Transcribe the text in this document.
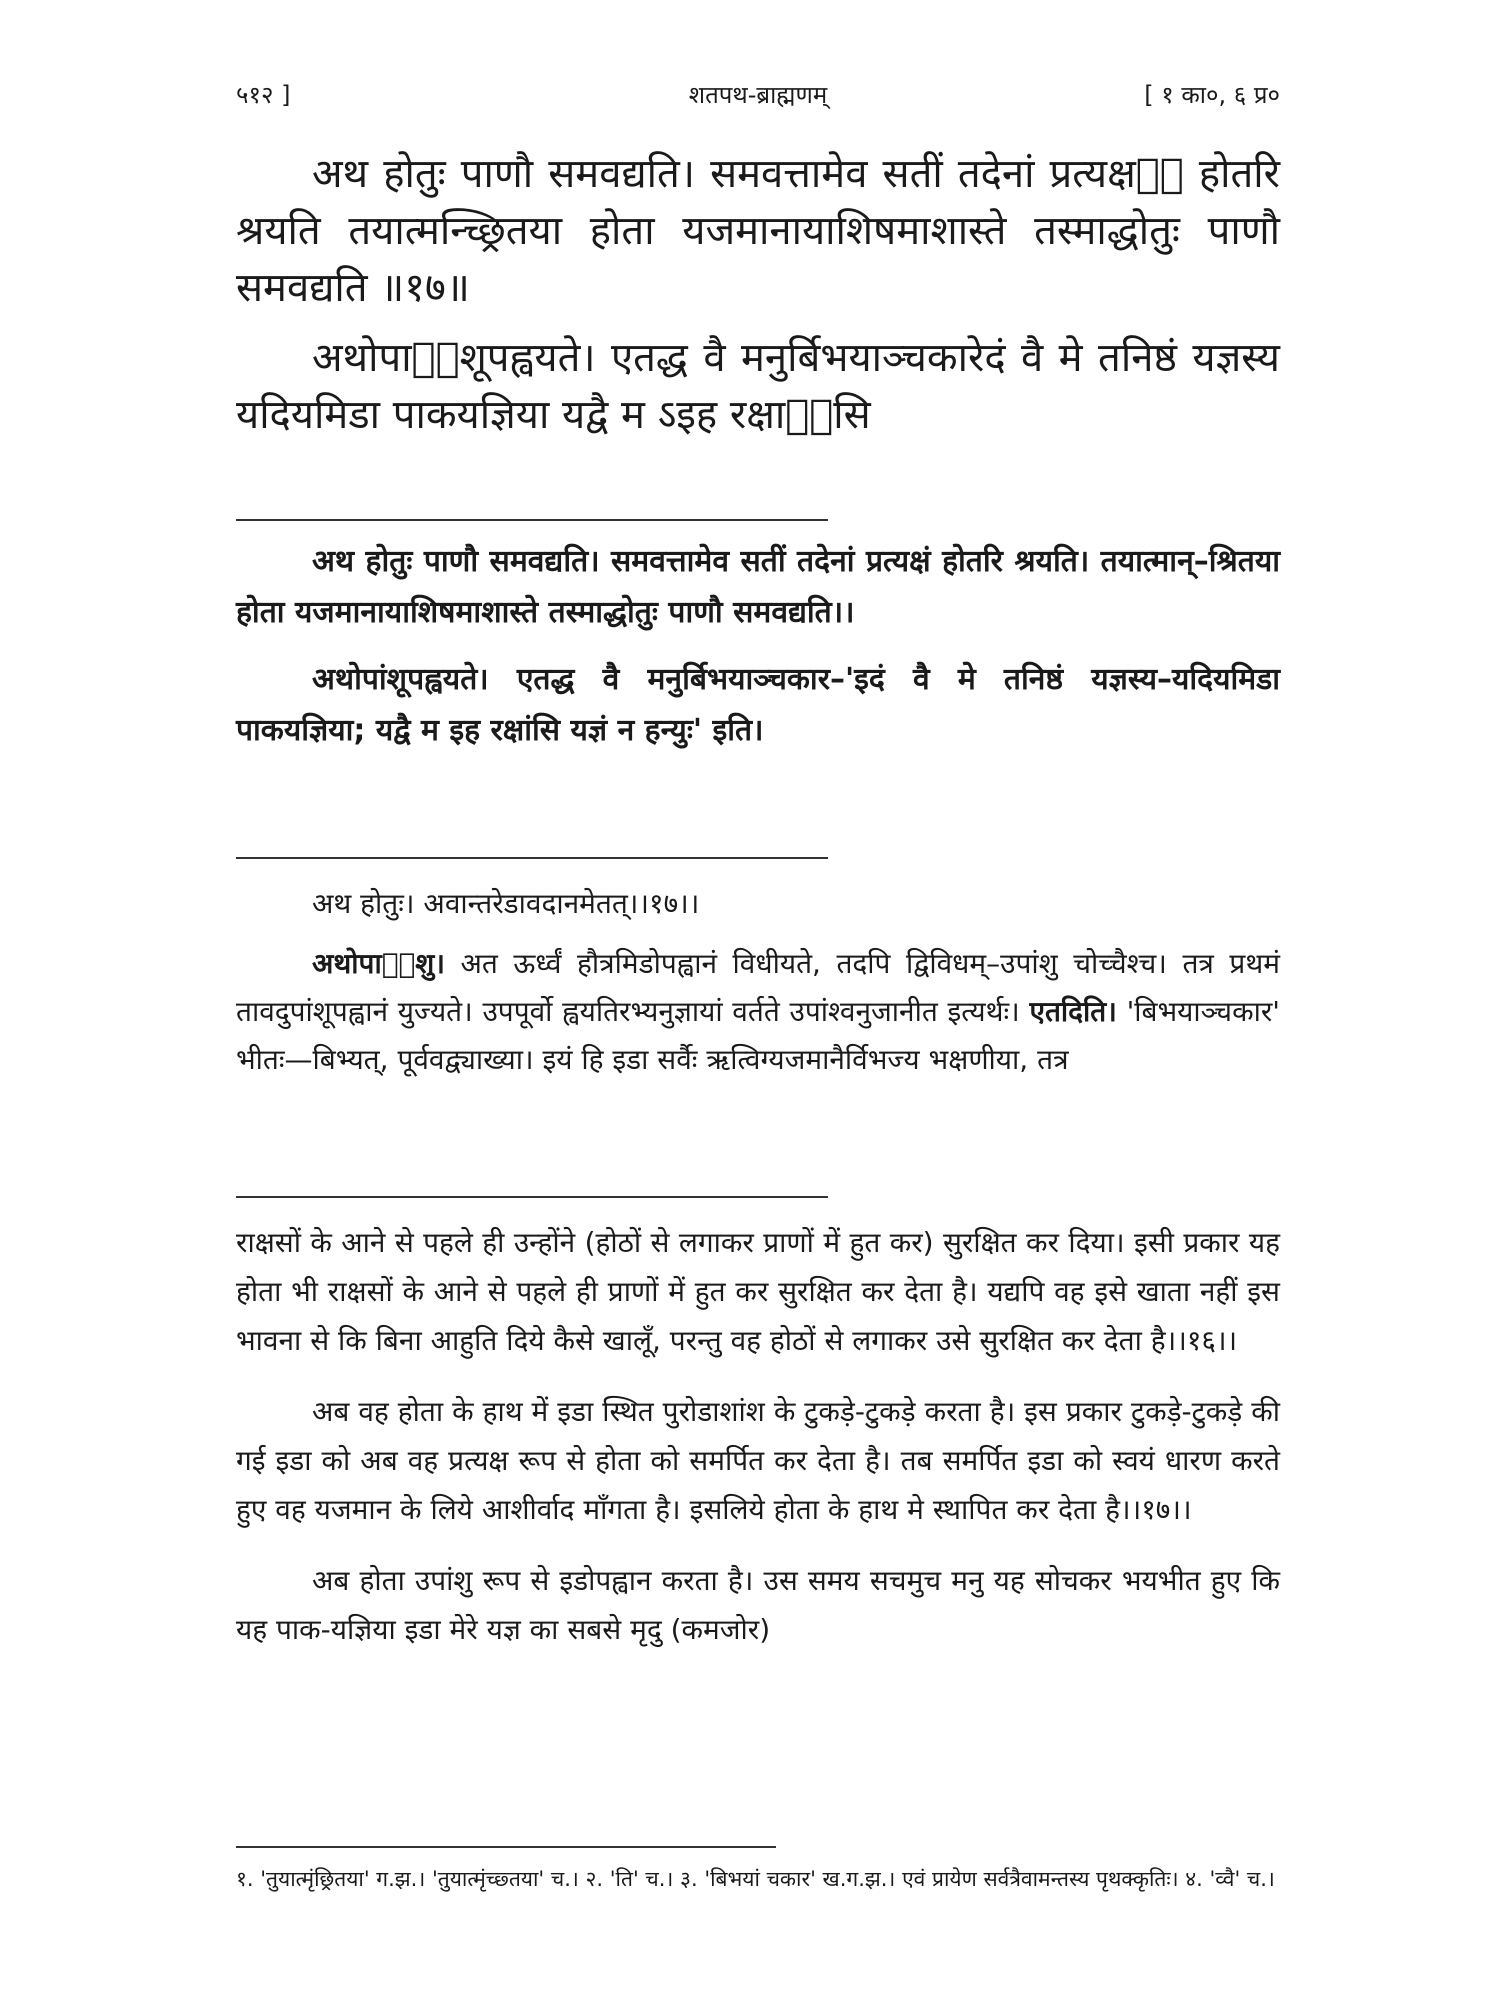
५१२ ]	शतपथ-ब्राह्मणम्	[ १ का०, ६ प्र०

अथ होतुः पाणौ समवद्यति। समवत्तामेव सतीं तदेनां प्रत्यक्षᳪं होतरि श्रयति तयात्मन्च्छ्रितया होता यजमानायाशिषमाशास्ते तस्माद्धोतुः पाणौ समवद्यति ॥१७॥

अथोपाᳪंशूपह्वयते। एतद्ध वै मनुर्बिभयाञ्चकारेदं वै मे तनिष्ठं यज्ञस्य यदियमिडा पाकयज्ञिया यद्वै म ऽइह रक्षाᳪंसि

अथ होतुः पाणौ समवद्यति। समवत्तामेव सतीं तदेनां प्रत्यक्षं होतरि श्रयति। तयात्मान्–श्रितया होता यजमानायाशिषमाशास्ते तस्माद्धोतुः पाणौ समवद्यति।।

अथोपांशूपह्वयते। एतद्ध वै मनुर्बिभयाञ्चकार–'इदं वै मे तनिष्ठं यज्ञस्य–यदियमिडा पाकयज्ञिया; यद्वै म इह रक्षांसि यज्ञं न हन्युः' इति।

अथ होतुः। अवान्तरेडावदानमेतत्।।१७।।

अथोपाᳪंशु। अत ऊर्ध्वं हौत्रमिडोपह्वानं विधीयते, तदपि द्विविधम्–उपांशु चोच्चैश्च। तत्र प्रथमं तावदुपांशूपह्वानं युज्यते। उपपूर्वो ह्वयतिरभ्यनुज्ञायां वर्तते उपांश्वनुजानीत इत्यर्थः। एतदिति। 'बिभयाञ्चकार' भीतः—बिभ्यत्, पूर्ववद्व्याख्या। इयं हि इडा सर्वैः ऋत्विग्यजमानैर्विभज्य भक्षणीया, तत्र

राक्षसों के आने से पहले ही उन्होंने (होठों से लगाकर प्राणों में हुत कर) सुरक्षित कर दिया। इसी प्रकार यह होता भी राक्षसों के आने से पहले ही प्राणों में हुत कर सुरक्षित कर देता है। यद्यपि वह इसे खाता नहीं इस भावना से कि बिना आहुति दिये कैसे खालूँ, परन्तु वह होठों से लगाकर उसे सुरक्षित कर देता है।।१६।।

अब वह होता के हाथ में इडा स्थित पुरोडाशांश के टुकड़े-टुकड़े करता है। इस प्रकार टुकड़े-टुकड़े की गई इडा को अब वह प्रत्यक्ष रूप से होता को समर्पित कर देता है। तब समर्पित इडा को स्वयं धारण करते हुए वह यजमान के लिये आशीर्वाद माँगता है। इसलिये होता के हाथ मे स्थापित कर देता है।।१७।।

अब होता उपांशु रूप से इडोपह्वान करता है। उस समय सचमुच मनु यह सोचकर भयभीत हुए कि यह पाक-यज्ञिया इडा मेरे यज्ञ का सबसे मृदु (कमजोर)

१. 'तुयात्मृंछ्रितया' ग.झ.। 'तुयात्मृंच्छ्तया' च.। २. 'ति' च.। ३. 'बिभयां चकार' ख.ग.झ.। एवं प्रायेण सर्वत्रैवामन्तस्य पृथक्कृतिः। ४. 'व्वै' च.।
